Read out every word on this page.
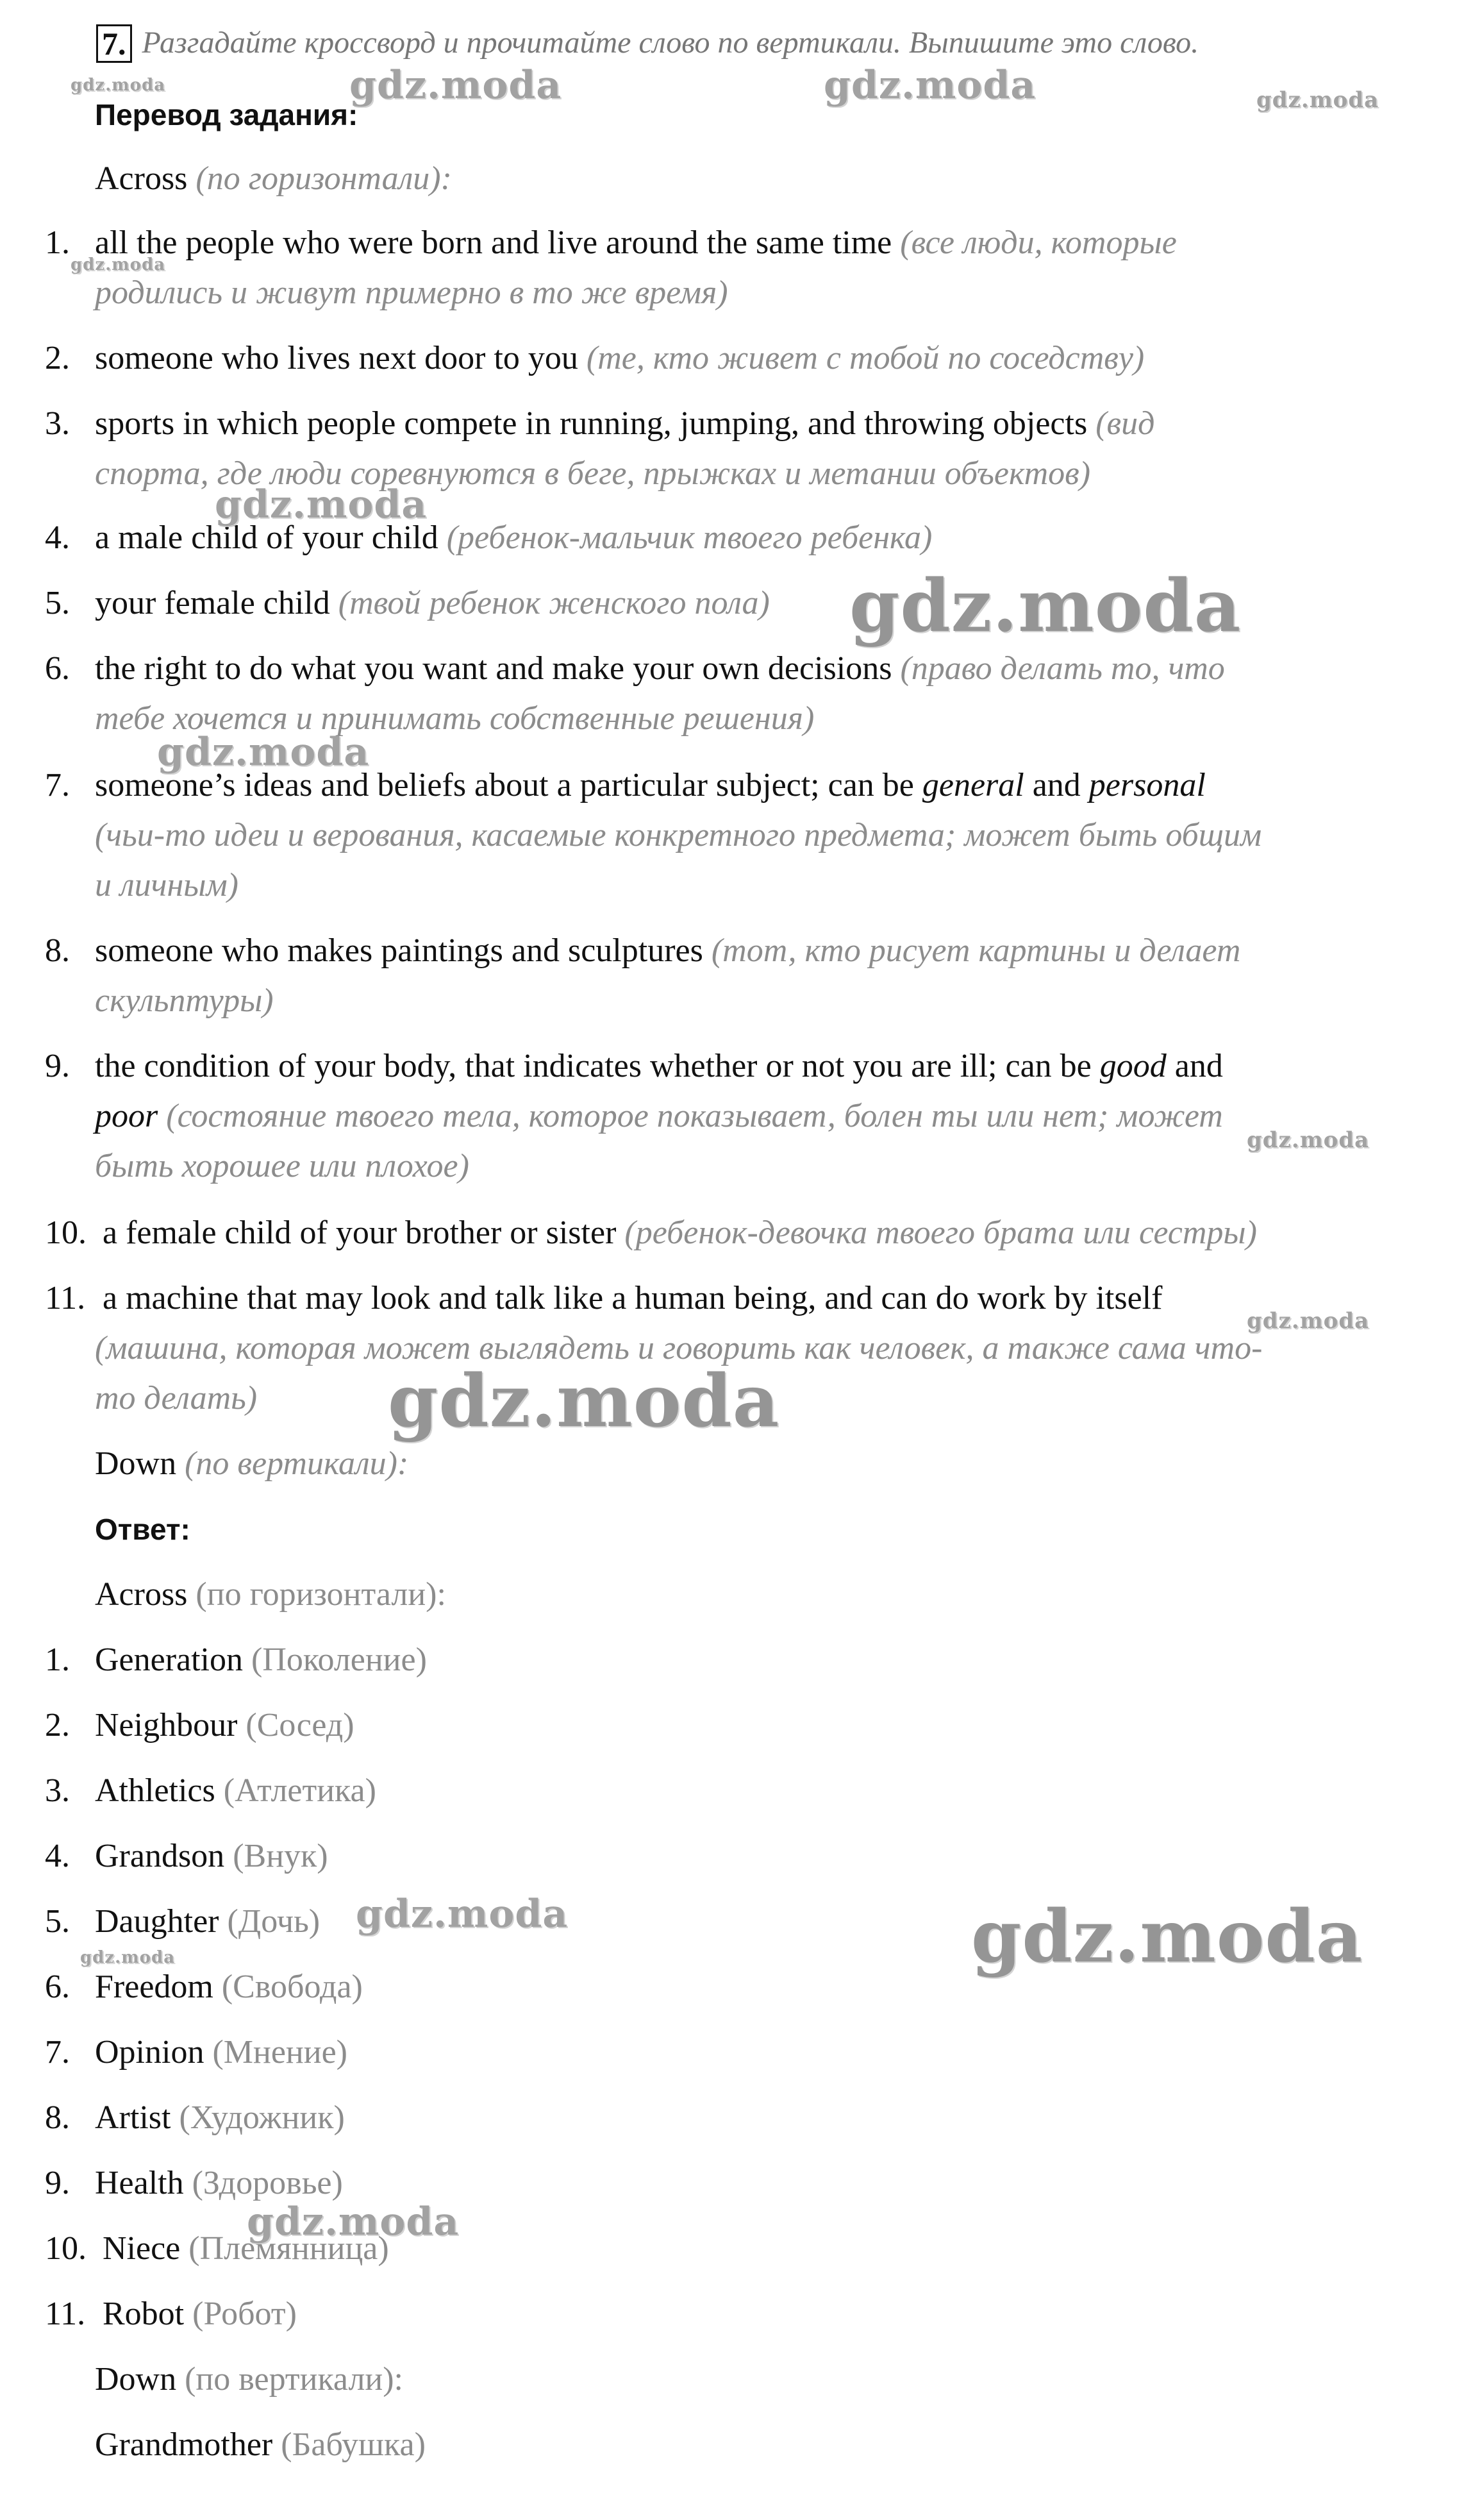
7. Разгадайте кроссворд и прочитайте слово по вертикали. Выпишите это слово.
Перевод задания:
Across (по горизонтали):
1. all the people who were born and live around the same time (все люди, которые
родились и живут примерно в то же время)
2. someone who lives next door to you (те, кто живет с тобой по соседству)
3. sports in which people compete in running, jumping, and throwing objects (вид
спорта, где люди соревнуются в беге, прыжках и метании объектов)
4. a male child of your child (ребенок-мальчик твоего ребенка)
5. your female child (твой ребенок женского пола)
6. the right to do what you want and make your own decisions (право делать то, что
тебе хочется и принимать собственные решения)
7. someone’s ideas and beliefs about a particular subject; can be general and personal
(чьи-то идеи и верования, касаемые конкретного предмета; может быть общим
и личным)
8. someone who makes paintings and sculptures (тот, кто рисует картины и делает
скульптуры)
9. the condition of your body, that indicates whether or not you are ill; can be good and
poor (состояние твоего тела, которое показывает, болен ты или нет; может
быть хорошее или плохое)
10. a female child of your brother or sister (ребенок-девочка твоего брата или сестры)
11. a machine that may look and talk like a human being, and can do work by itself
(машина, которая может выглядеть и говорить как человек, а также сама что-
то делать)
Down (по вертикали):
Ответ:
Across (по горизонтали):
1. Generation (Поколение)
2. Neighbour (Сосед)
3. Athletics (Атлетика)
4. Grandson (Внук)
5. Daughter (Дочь)
6. Freedom (Свобода)
7. Opinion (Мнение)
8. Artist (Художник)
9. Health (Здоровье)
10. Niece (Племянница)
11. Robot (Робот)
Down (по вертикали):
Grandmother (Бабушка)
gdz.moda	gdz.moda	gdz.moda	gdz.moda
gdz.moda
gdz.moda
gdz.moda
gdz.moda
gdz.moda
gdz.moda
gdz.moda
gdz.moda
gdz.moda	gdz.moda
gdz.moda
